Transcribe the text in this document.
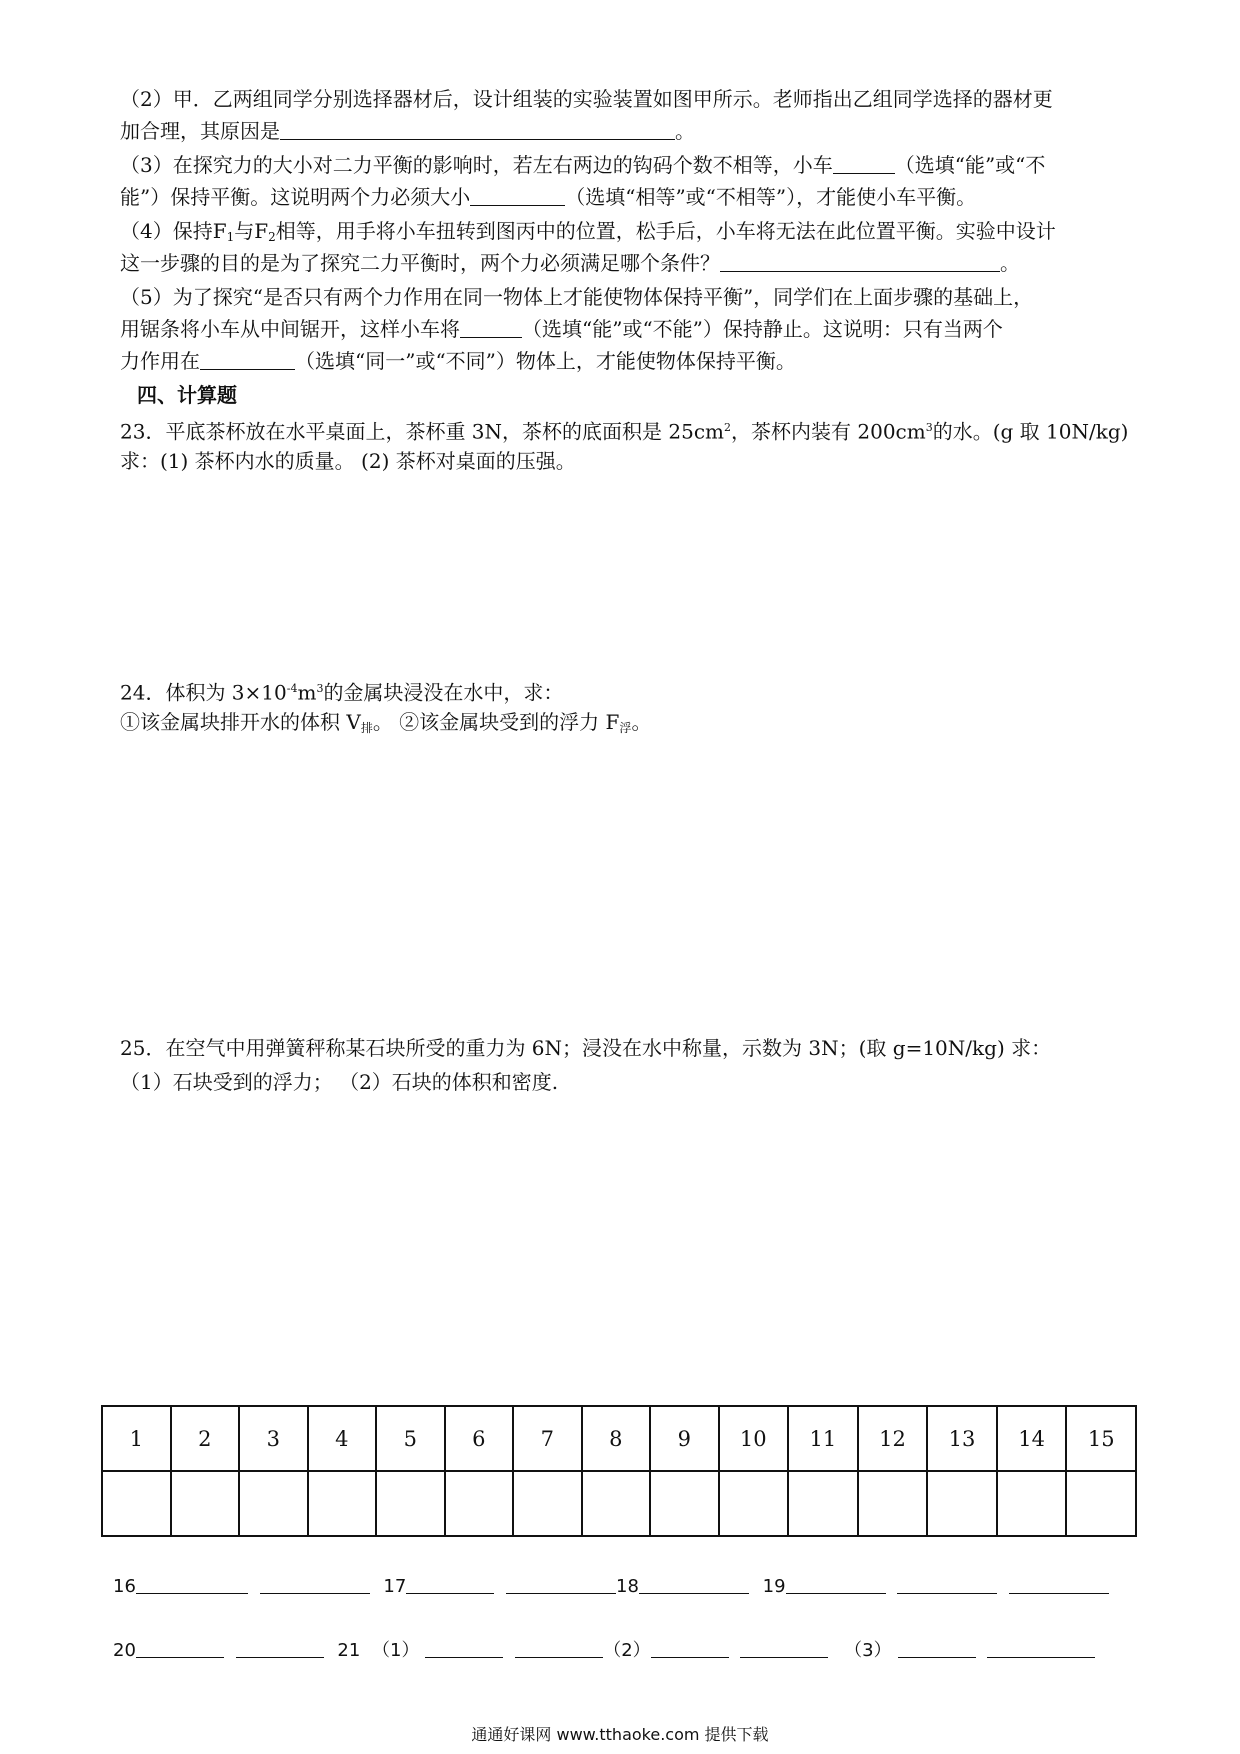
（2）甲．乙两组同学分别选择器材后，设计组装的实验装置如图甲所示。老师指出乙组同学选择的器材更
加合理，其原因是	。
（3）在探究力的大小对二力平衡的影响时，若左右两边的钩码个数不相等，小车	（选填“能”或“不
能”）保持平衡。这说明两个力必须大小	（选填“相等”或“不相等”），才能使小车平衡。
（4）保持F1与F2相等，用手将小车扭转到图丙中的位置，松手后，小车将无法在此位置平衡。实验中设计
这一步骤的目的是为了探究二力平衡时，两个力必须满足哪个条件？	。
（5）为了探究“是否只有两个力作用在同一物体上才能使物体保持平衡”，同学们在上面步骤的基础上，
用锯条将小车从中间锯开，这样小车将	（选填“能”或“不能”）保持静止。这说明：只有当两个
力作用在	（选填“同一”或“不同”）物体上，才能使物体保持平衡。
四、计算题
23．平底茶杯放在水平桌面上，茶杯重 3N，茶杯的底面积是 $25cm^2$，茶杯内装有 $200cm^3$的水。(g 取 10N/kg)
求：(1) 茶杯内水的质量。 (2) 茶杯对桌面的压强。
24．体积为 $3\times 10^{-4}m^3$的金属块浸没在水中，求：
①该金属块排开水的体积 V排。 ②该金属块受到的浮力 F浮。
25．在空气中用弹簧秤称某石块所受的重力为 6N；浸没在水中称量，示数为 3N；(取 g=10N/kg) 求：
（1）石块受到的浮力； （2）石块的体积和密度.
1	2	3	4	5	6	7	8	9	10	11	12	13	14	15

16	17	18	19
20	21 （1）	（2）	（3）
通通好课网 www.tthaoke.com 提供下载
